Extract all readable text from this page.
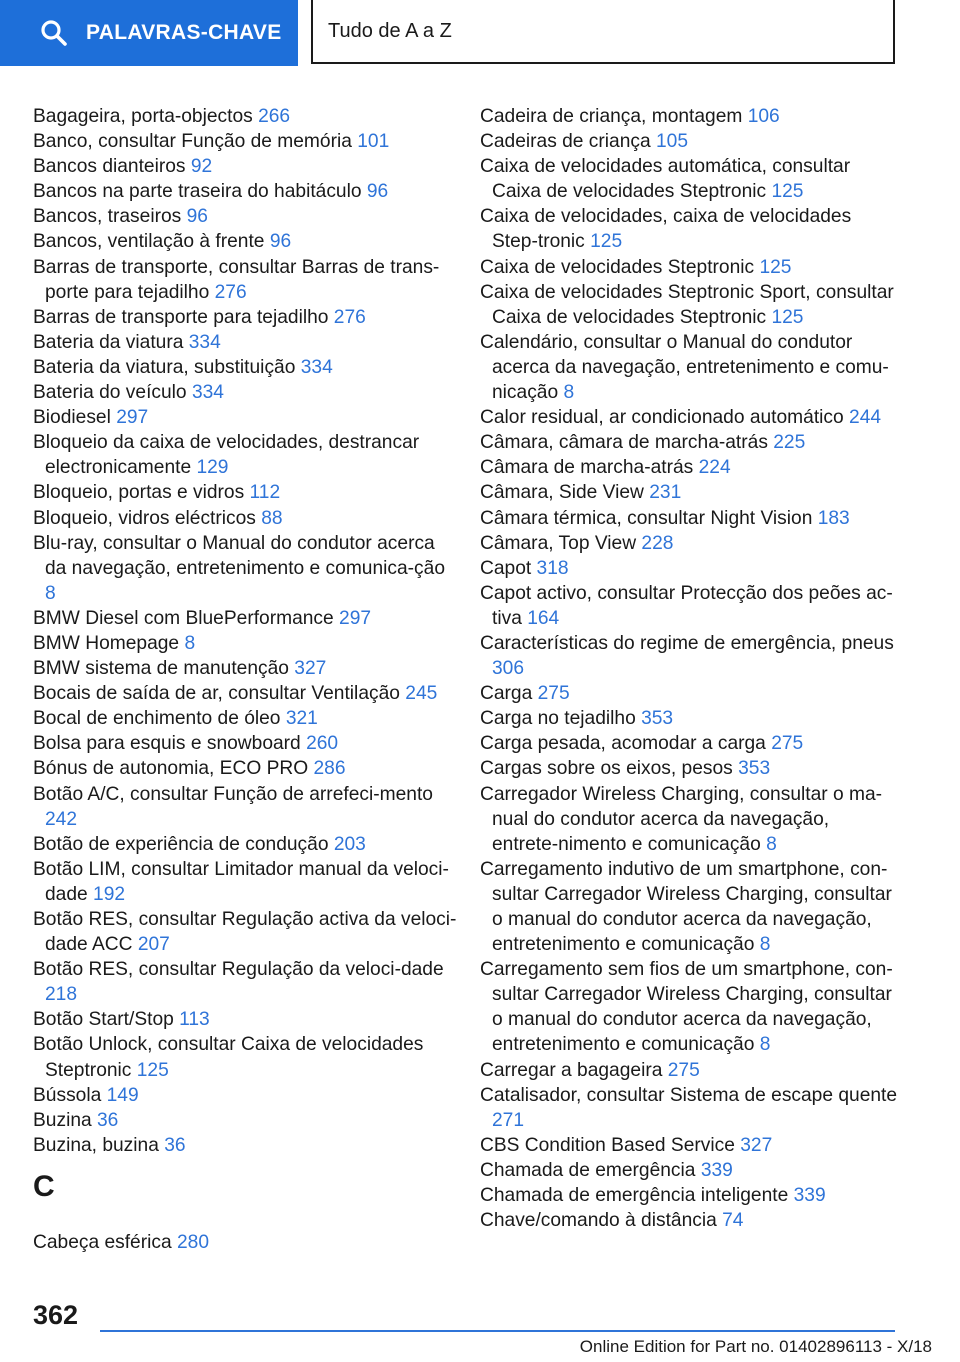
PALAVRAS-CHAVE Tudo de A a Z
Bagageira, porta-objectos 266
Banco, consultar Função de memória 101
Bancos dianteiros 92
Bancos na parte traseira do habitáculo 96
Bancos, traseiros 96
Bancos, ventilação à frente 96
Barras de transporte, consultar Barras de trans-porte para tejadilho 276
Barras de transporte para tejadilho 276
Bateria da viatura 334
Bateria da viatura, substituição 334
Bateria do veículo 334
Biodiesel 297
Bloqueio da caixa de velocidades, destrancar electronicamente 129
Bloqueio, portas e vidros 112
Bloqueio, vidros eléctricos 88
Blu-ray, consultar o Manual do condutor acerca da navegação, entretenimento e comunica-ção 8
BMW Diesel com BluePerformance 297
BMW Homepage 8
BMW sistema de manutenção 327
Bocais de saída de ar, consultar Ventilação 245
Bocal de enchimento de óleo 321
Bolsa para esquis e snowboard 260
Bónus de autonomia, ECO PRO 286
Botão A/C, consultar Função de arrefeci-mento 242
Botão de experiência de condução 203
Botão LIM, consultar Limitador manual da veloci-dade 192
Botão RES, consultar Regulação activa da veloci-dade ACC 207
Botão RES, consultar Regulação da veloci-dade 218
Botão Start/Stop 113
Botão Unlock, consultar Caixa de velocidades Steptronic 125
Bússola 149
Buzina 36
Buzina, buzina 36
C
Cabeça esférica 280
Cadeira de criança, montagem 106
Cadeiras de criança 105
Caixa de velocidades automática, consultar Caixa de velocidades Steptronic 125
Caixa de velocidades, caixa de velocidades Step-tronic 125
Caixa de velocidades Steptronic 125
Caixa de velocidades Steptronic Sport, consultar Caixa de velocidades Steptronic 125
Calendário, consultar o Manual do condutor acerca da navegação, entretenimento e comu-nicação 8
Calor residual, ar condicionado automático 244
Câmara, câmara de marcha-atrás 225
Câmara de marcha-atrás 224
Câmara, Side View 231
Câmara térmica, consultar Night Vision 183
Câmara, Top View 228
Capot 318
Capot activo, consultar Protecção dos peões ac-tiva 164
Características do regime de emergência, pneus 306
Carga 275
Carga no tejadilho 353
Carga pesada, acomodar a carga 275
Cargas sobre os eixos, pesos 353
Carregador Wireless Charging, consultar o ma-nual do condutor acerca da navegação, entrete-nimento e comunicação 8
Carregamento indutivo de um smartphone, con-sultar Carregador Wireless Charging, consultar o manual do condutor acerca da navegação, entretenimento e comunicação 8
Carregamento sem fios de um smartphone, con-sultar Carregador Wireless Charging, consultar o manual do condutor acerca da navegação, entretenimento e comunicação 8
Carregar a bagageira 275
Catalisador, consultar Sistema de escape quente 271
CBS Condition Based Service 327
Chamada de emergência 339
Chamada de emergência inteligente 339
Chave/comando à distância 74
362
Online Edition for Part no. 01402896113 - X/18
